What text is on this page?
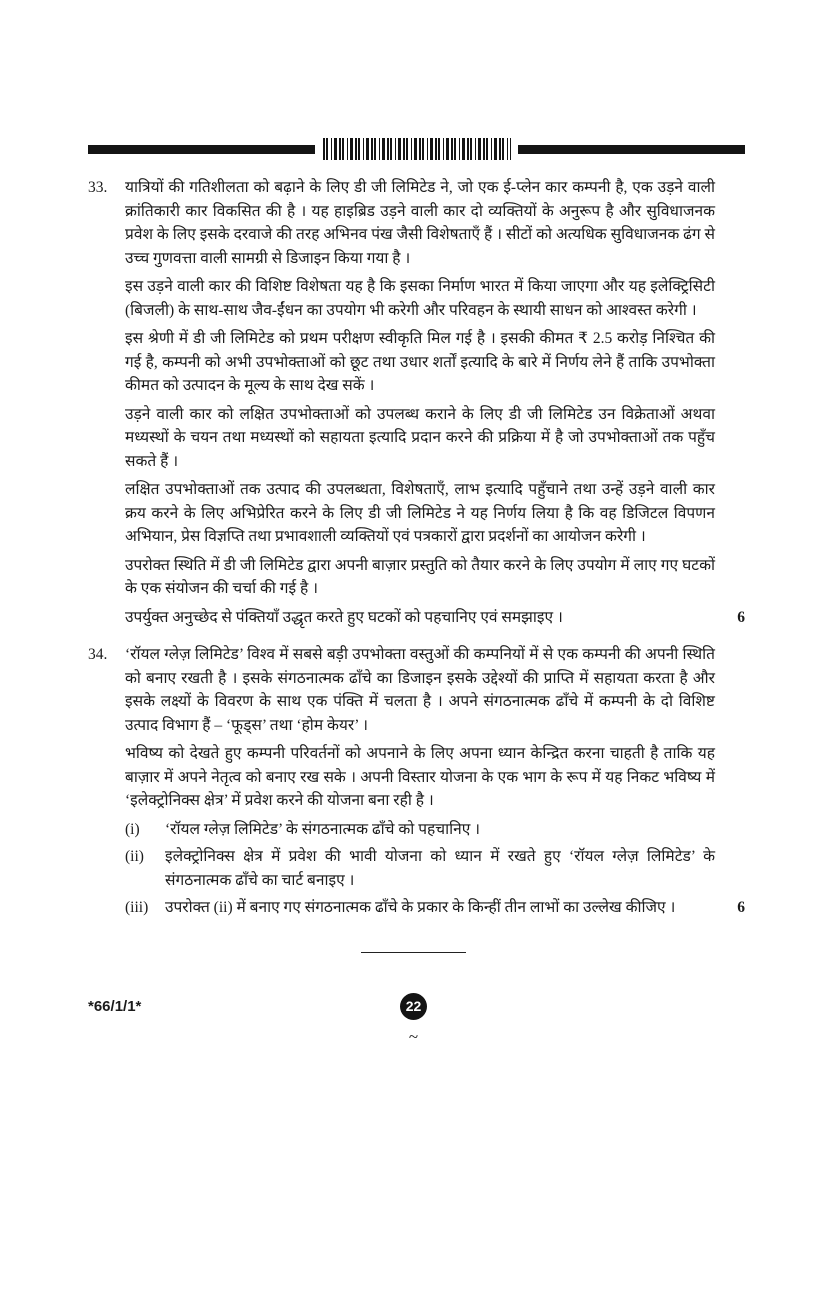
33.	यात्रियों की गतिशीलता को बढ़ाने के लिए डी जी लिमिटेड ने, जो एक ई-प्लेन कार कम्पनी है, एक उड़ने वाली क्रांतिकारी कार विकसित की है । यह हाइब्रिड उड़ने वाली कार दो व्यक्तियों के अनुरूप है और सुविधाजनक प्रवेश के लिए इसके दरवाजे की तरह अभिनव पंख जैसी विशेषताएँ हैं । सीटों को अत्यधिक सुविधाजनक ढंग से उच्च गुणवत्ता वाली सामग्री से डिजाइन किया गया है ।

इस उड़ने वाली कार की विशिष्ट विशेषता यह है कि इसका निर्माण भारत में किया जाएगा और यह इलेक्ट्रिसिटी (बिजली) के साथ-साथ जैव-ईंधन का उपयोग भी करेगी और परिवहन के स्थायी साधन को आश्वस्त करेगी ।

इस श्रेणी में डी जी लिमिटेड को प्रथम परीक्षण स्वीकृति मिल गई है । इसकी कीमत ₹ 2.5 करोड़ निश्चित की गई है, कम्पनी को अभी उपभोक्ताओं को छूट तथा उधार शर्तों इत्यादि के बारे में निर्णय लेने हैं ताकि उपभोक्ता कीमत को उत्पादन के मूल्य के साथ देख सकें ।

उड़ने वाली कार को लक्षित उपभोक्ताओं को उपलब्ध कराने के लिए डी जी लिमिटेड उन विक्रेताओं अथवा मध्यस्थों के चयन तथा मध्यस्थों को सहायता इत्यादि प्रदान करने की प्रक्रिया में है जो उपभोक्ताओं तक पहुँच सकते हैं ।

लक्षित उपभोक्ताओं तक उत्पाद की उपलब्धता, विशेषताएँ, लाभ इत्यादि पहुँचाने तथा उन्हें उड़ने वाली कार क्रय करने के लिए अभिप्रेरित करने के लिए डी जी लिमिटेड ने यह निर्णय लिया है कि वह डिजिटल विपणन अभियान, प्रेस विज्ञप्ति तथा प्रभावशाली व्यक्तियों एवं पत्रकारों द्वारा प्रदर्शनों का आयोजन करेगी ।

उपरोक्त स्थिति में डी जी लिमिटेड द्वारा अपनी बाज़ार प्रस्तुति को तैयार करने के लिए उपयोग में लाए गए घटकों के एक संयोजन की चर्चा की गई है ।

उपर्युक्त अनुच्छेद से पंक्तियाँ उद्धृत करते हुए घटकों को पहचानिए एवं समझाइए ।	6
34.	‘रॉयल ग्लेज़ लिमिटेड’ विश्व में सबसे बड़ी उपभोक्ता वस्तुओं की कम्पनियों में से एक कम्पनी की अपनी स्थिति को बनाए रखती है । इसके संगठनात्मक ढाँचे का डिजाइन इसके उद्देश्यों की प्राप्ति में सहायता करता है और इसके लक्ष्यों के विवरण के साथ एक पंक्ति में चलता है । अपने संगठनात्मक ढाँचे में कम्पनी के दो विशिष्ट उत्पाद विभाग हैं – ‘फूड्स’ तथा ‘होम केयर’ ।

भविष्य को देखते हुए कम्पनी परिवर्तनों को अपनाने के लिए अपना ध्यान केन्द्रित करना चाहती है ताकि यह बाज़ार में अपने नेतृत्व को बनाए रख सके । अपनी विस्तार योजना के एक भाग के रूप में यह निकट भविष्य में ‘इलेक्ट्रोनिक्स क्षेत्र’ में प्रवेश करने की योजना बना रही है ।

(i)	‘रॉयल ग्लेज़ लिमिटेड’ के संगठनात्मक ढाँचे को पहचानिए ।
(ii)	इलेक्ट्रोनिक्स क्षेत्र में प्रवेश की भावी योजना को ध्यान में रखते हुए ‘रॉयल ग्लेज़ लिमिटेड’ के संगठनात्मक ढाँचे का चार्ट बनाइए ।
(iii)	उपरोक्त (ii) में बनाए गए संगठनात्मक ढाँचे के प्रकार के किन्हीं तीन लाभों का उल्लेख कीजिए ।	6
*66/1/1*	22
~
